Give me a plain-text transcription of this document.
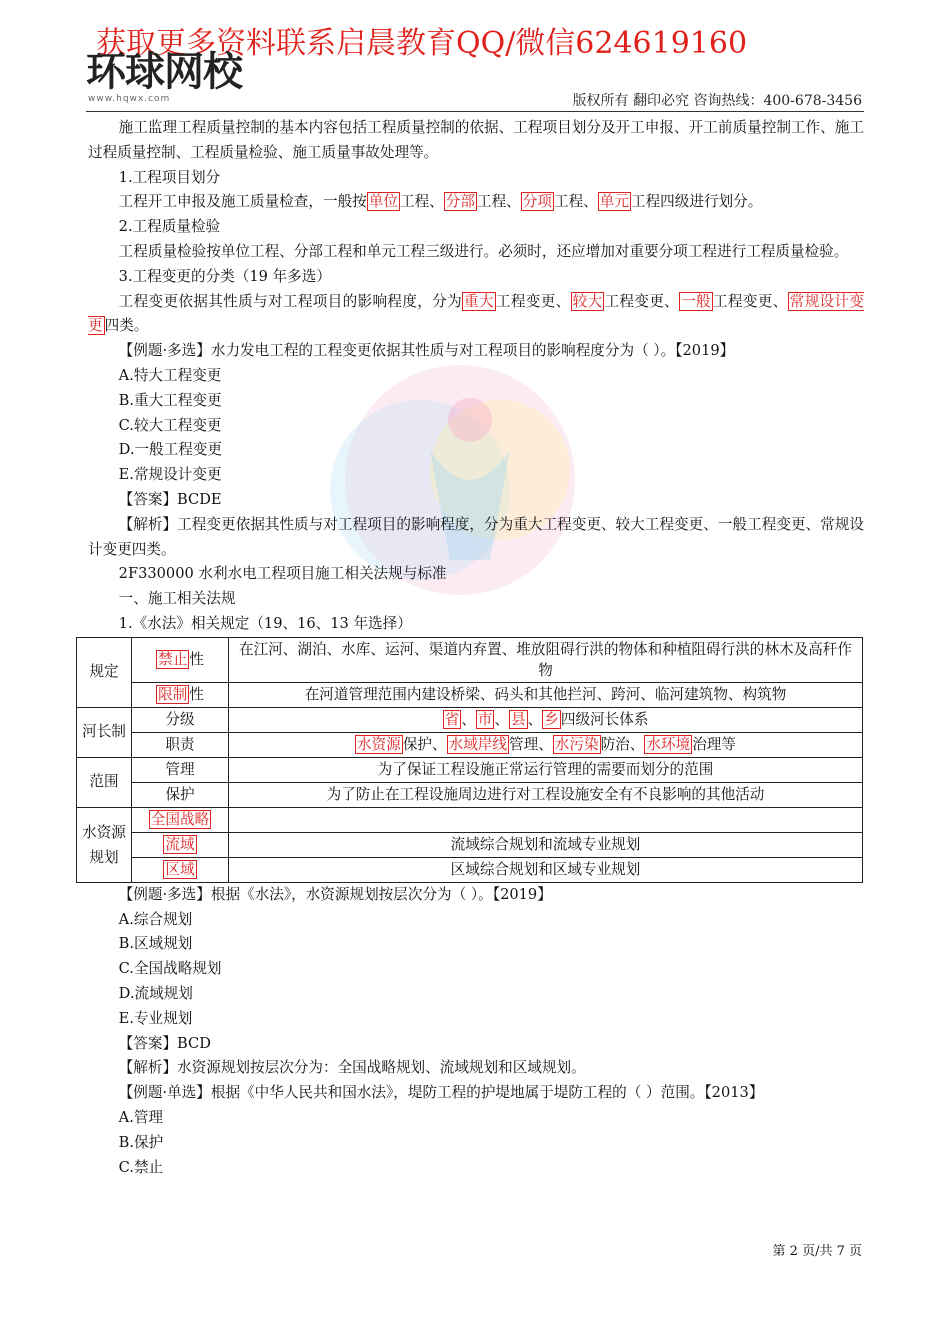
获取更多资料联系启晨教育QQ/微信624619160
环球网校
www.hqwx.com	版权所有 翻印必究 咨询热线：400-678-3456

施工监理工程质量控制的基本内容包括工程质量控制的依据、工程项目划分及开工申报、开工前质量控制工作、施工过程质量控制、工程质量检验、施工质量事故处理等。

1.工程项目划分

工程开工申报及施工质量检查，一般按 单位 工程、 分部 工程、 分项 工程、 单元 工程四级进行划分。

2.工程质量检验

工程质量检验按单位工程、分部工程和单元工程三级进行。必须时，还应增加对重要分项工程进行工程质量检验。

3.工程变更的分类（19 年多选）

工程变更依据其性质与对工程项目的影响程度，分为 重大 工程变更、 较大 工程变更、 一般 工程变更、 常规设计变更 四类。

【例题·多选】水力发电工程的工程变更依据其性质与对工程项目的影响程度分为（ ）。【2019】

A.特大工程变更

B.重大工程变更

C.较大工程变更

D.一般工程变更

E.常规设计变更

【答案】BCDE

【解析】工程变更依据其性质与对工程项目的影响程度，分为重大工程变更、较大工程变更、一般工程变更、常规设计变更四类。

2F330000 水利水电工程项目施工相关法规与标准

一、施工相关法规

1.《水法》相关规定（19、16、13 年选择）

规定	禁止 性	在江河、湖泊、水库、运河、渠道内弃置、堆放阻碍行洪的物体和种植阻碍行洪的林木及高秆作物
	限制 性	在河道管理范围内建设桥梁、码头和其他拦河、跨河、临河建筑物、构筑物
河长制	分级	省 、 市 、 县 、 乡 四级河长体系
	职责	水资源 保护、 水域岸线 管理、 水污染 防治、 水环境 治理等
范围	管理	为了保证工程设施正常运行管理的需要而划分的范围
	保护	为了防止在工程设施周边进行对工程设施安全有不良影响的其他活动
水资源规划	全国战略	
	流域	流域综合规划和流域专业规划
	区域	区域综合规划和区域专业规划

【例题·多选】根据《水法》，水资源规划按层次分为（ ）。【2019】

A.综合规划

B.区域规划

C.全国战略规划

D.流域规划

E.专业规划

【答案】BCD

【解析】水资源规划按层次分为：全国战略规划、流域规划和区域规划。

【例题·单选】根据《中华人民共和国水法》，堤防工程的护堤地属于堤防工程的（ ）范围。【2013】

A.管理

B.保护

C.禁止

第 2 页/共 7 页
